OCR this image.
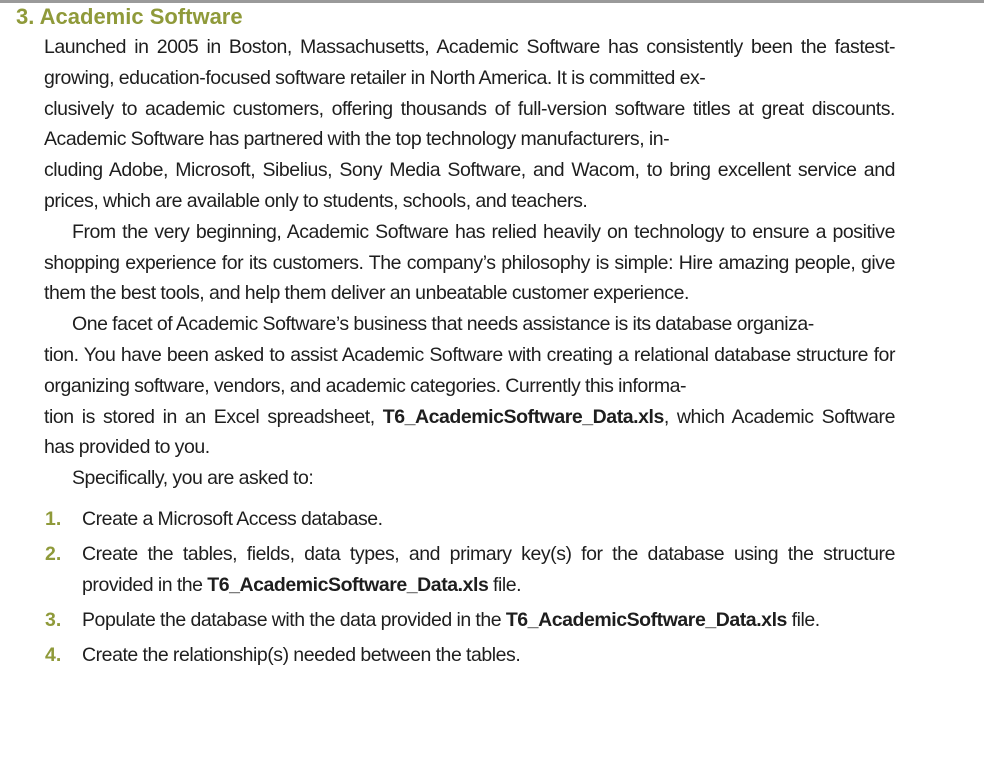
3. Academic Software

Launched in 2005 in Boston, Massachusetts, Academic Software has consistently been the fastest-growing, education-focused software retailer in North America. It is committed ex-
clusively to academic customers, offering thousands of full-version software titles at great discounts. Academic Software has partnered with the top technology manufacturers, in-
cluding Adobe, Microsoft, Sibelius, Sony Media Software, and Wacom, to bring excellent service and prices, which are available only to students, schools, and teachers.

From the very beginning, Academic Software has relied heavily on technology to ensure a positive shopping experience for its customers. The company’s philosophy is simple: Hire amazing people, give them the best tools, and help them deliver an unbeatable customer experience.

One facet of Academic Software’s business that needs assistance is its database organiza-
tion. You have been asked to assist Academic Software with creating a relational database structure for organizing software, vendors, and academic categories. Currently this informa-
tion is stored in an Excel spreadsheet, T6_AcademicSoftware_Data.xls, which Academic Software has provided to you.

Specifically, you are asked to:

1. Create a Microsoft Access database.
2. Create the tables, fields, data types, and primary key(s) for the database using the structure provided in the T6_AcademicSoftware_Data.xls file.
3. Populate the database with the data provided in the T6_AcademicSoftware_Data.xls file.
4. Create the relationship(s) needed between the tables.
